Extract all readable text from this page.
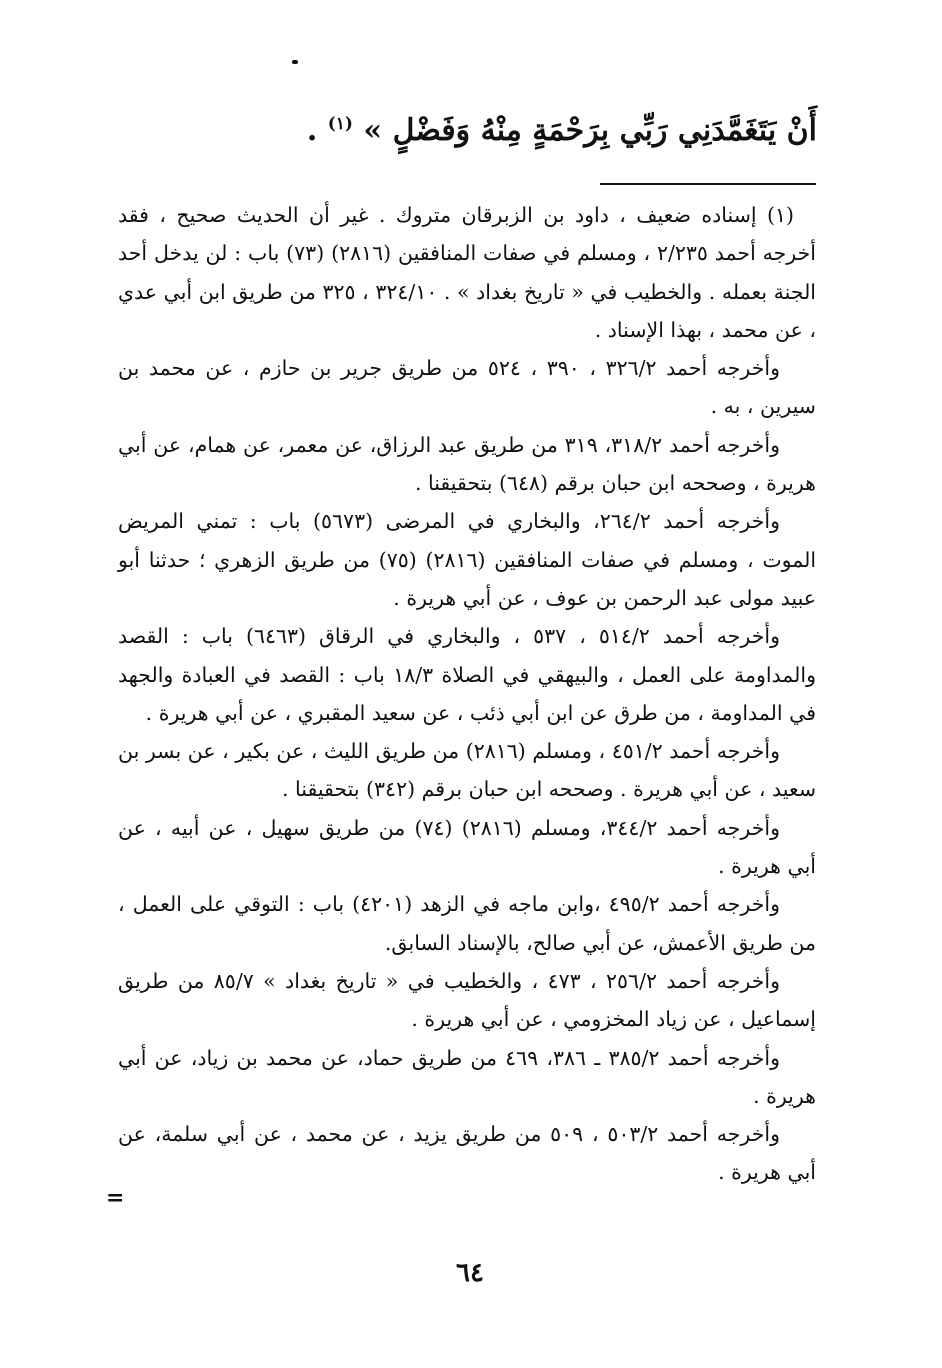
أَنْ يَتَغَمَّدَنِي رَبِّي بِرَحْمَةٍ مِنْهُ وَفَضْلٍ » $^{(١)}$ .

(١) إسناده ضعيف ، داود بن الزبرقان متروك . غير أن الحديث صحيح ، فقد أخرجه أحمد ٢/٢٣٥ ، ومسلم في صفات المنافقين (٢٨١٦) (٧٣) باب : لن يدخل أحد الجنة بعمله . والخطيب في « تاريخ بغداد » . ٣٢٤/١٠ ، ٣٢٥ من طريق ابن أبي عدي ، عن محمد ، بهذا الإسناد .

وأخرجه أحمد ٣٢٦/٢ ، ٣٩٠ ، ٥٢٤ من طريق جرير بن حازم ، عن محمد بن سيرين ، به .

وأخرجه أحمد ٣١٨/٢، ٣١٩ من طريق عبد الرزاق، عن معمر، عن همام، عن أبي هريرة ، وصححه ابن حبان برقم (٦٤٨) بتحقيقنا .

وأخرجه أحمد ٢٦٤/٢، والبخاري في المرضى (٥٦٧٣) باب : تمني المريض الموت ، ومسلم في صفات المنافقين (٢٨١٦) (٧٥) من طريق الزهري ؛ حدثنا أبو عبيد مولى عبد الرحمن بن عوف ، عن أبي هريرة .

وأخرجه أحمد ٥١٤/٢ ، ٥٣٧ ، والبخاري في الرقاق (٦٤٦٣) باب : القصد والمداومة على العمل ، والبيهقي في الصلاة ١٨/٣ باب : القصد في العبادة والجهد في المداومة ، من طرق عن ابن أبي ذئب ، عن سعيد المقبري ، عن أبي هريرة .

وأخرجه أحمد ٤٥١/٢ ، ومسلم (٢٨١٦) من طريق الليث ، عن بكير ، عن بسر بن سعيد ، عن أبي هريرة . وصححه ابن حبان برقم (٣٤٢) بتحقيقنا .

وأخرجه أحمد ٣٤٤/٢، ومسلم (٢٨١٦) (٧٤) من طريق سهيل ، عن أبيه ، عن أبي هريرة .

وأخرجه أحمد ٤٩٥/٢ ،وابن ماجه في الزهد (٤٢٠١) باب : التوقي على العمل ، من طريق الأعمش، عن أبي صالح، بالإسناد السابق.

وأخرجه أحمد ٢٥٦/٢ ، ٤٧٣ ، والخطيب في « تاريخ بغداد » ٨٥/٧ من طريق إسماعيل ، عن زياد المخزومي ، عن أبي هريرة .

وأخرجه أحمد ٣٨٥/٢ ـ ٣٨٦، ٤٦٩ من طريق حماد، عن محمد بن زياد، عن أبي هريرة .

وأخرجه أحمد ٥٠٣/٢ ، ٥٠٩ من طريق يزيد ، عن محمد ، عن أبي سلمة، عن أبي هريرة .

=
٦٤
